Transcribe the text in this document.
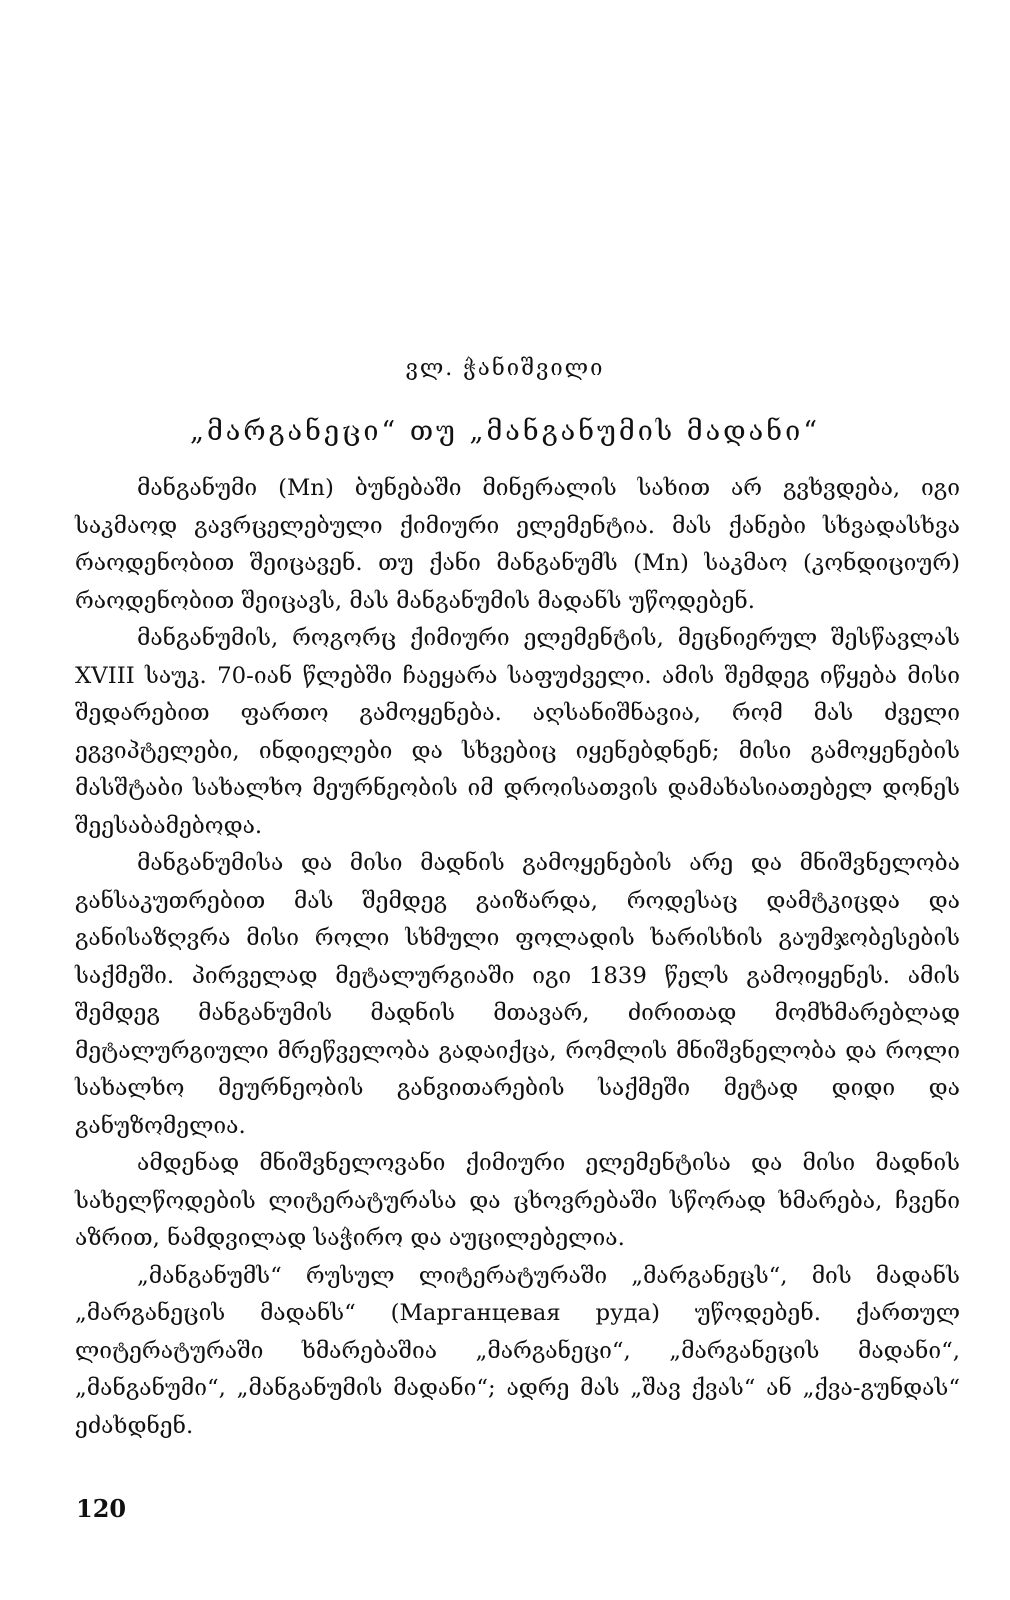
ვლ. ჭანიშვილი
„მარგანეცი“ თუ „მანგანუმის მადანი“

მანგანუმი (Mn) ბუნებაში მინერალის სახით არ გვხვდება, იგი საკმაოდ გავრცელებული ქიმიური ელემენტია. მას ქანები სხვადასხვა რაოდენობით შეიცავენ. თუ ქანი მანგანუმს (Mn) საკმაო (კონდიციურ) რაოდენობით შეიცავს, მას მანგანუმის მადანს უწოდებენ.

მანგანუმის, როგორც ქიმიური ელემენტის, მეცნიერულ შესწავლას XVIII საუკ. 70-იან წლებში ჩაეყარა საფუძველი. ამის შემდეგ იწყება მისი შედარებით ფართო გამოყენება. აღსანიშნავია, რომ მას ძველი ეგვიპტელები, ინდიელები და სხვებიც იყენებდნენ; მისი გამოყენების მასშტაბი სახალხო მეურნეობის იმ დროისათვის დამახასიათებელ დონეს შეესაბამებოდა.

მანგანუმისა და მისი მადნის გამოყენების არე და მნიშვნელობა განსაკუთრებით მას შემდეგ გაიზარდა, როდესაც დამტკიცდა და განისაზღვრა მისი როლი სხმული ფოლადის ხარისხის გაუმჯობესების საქმეში. პირველად მეტალურგიაში იგი 1839 წელს გამოიყენეს. ამის შემდეგ მანგანუმის მადნის მთავარ, ძირითად მომხმარებლად მეტალურგიული მრეწველობა გადაიქცა, რომლის მნიშვნელობა და როლი სახალხო მეურნეობის განვითარების საქმეში მეტად დიდი და განუზომელია.

ამდენად მნიშვნელოვანი ქიმიური ელემენტისა და მისი მადნის სახელწოდების ლიტერატურასა და ცხოვრებაში სწორად ხმარება, ჩვენი აზრით, ნამდვილად საჭირო და აუცილებელია.

„მანგანუმს“ რუსულ ლიტერატურაში „მარგანეცს“, მის მადანს „მარგანეცის მადანს“ (Марганцевая руда) უწოდებენ. ქართულ ლიტერატურაში ხმარებაშია „მარგანეცი“, „მარგანეცის მადანი“, „მანგანუმი“, „მანგანუმის მადანი“; ადრე მას „შავ ქვას“ ან „ქვა-გუნდას“ ეძახდნენ.

120
